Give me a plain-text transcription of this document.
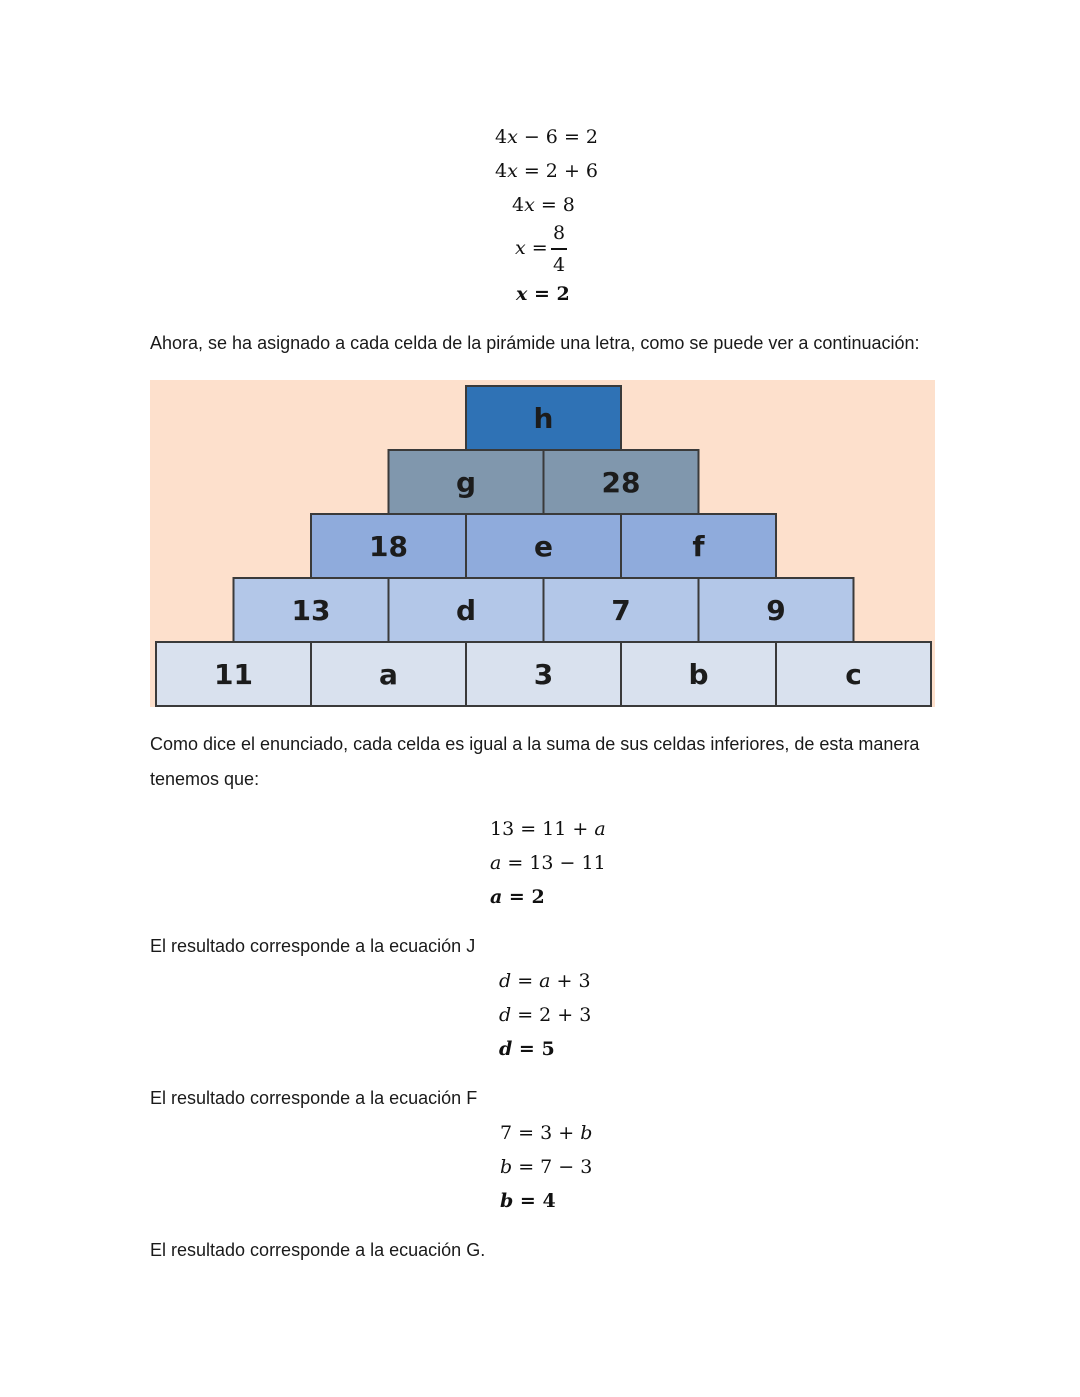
4x − 6 = 2
4x = 2 + 6
4x = 8
x =
8
4
x = 2
Ahora, se ha asignado a cada celda de la pirámide una letra, como se puede ver a continuación:
h
g	28
18	e	f
13	d	7	9
11	a	3	b	c
Como dice el enunciado, cada celda es igual a la suma de sus celdas inferiores, de esta manera
tenemos que:
13 = 11 + a
a = 13 − 11
a = 2
El resultado corresponde a la ecuación J
d = a + 3
d = 2 + 3
d = 5
El resultado corresponde a la ecuación F
7 = 3 + b
b = 7 − 3
b = 4
El resultado corresponde a la ecuación G.
